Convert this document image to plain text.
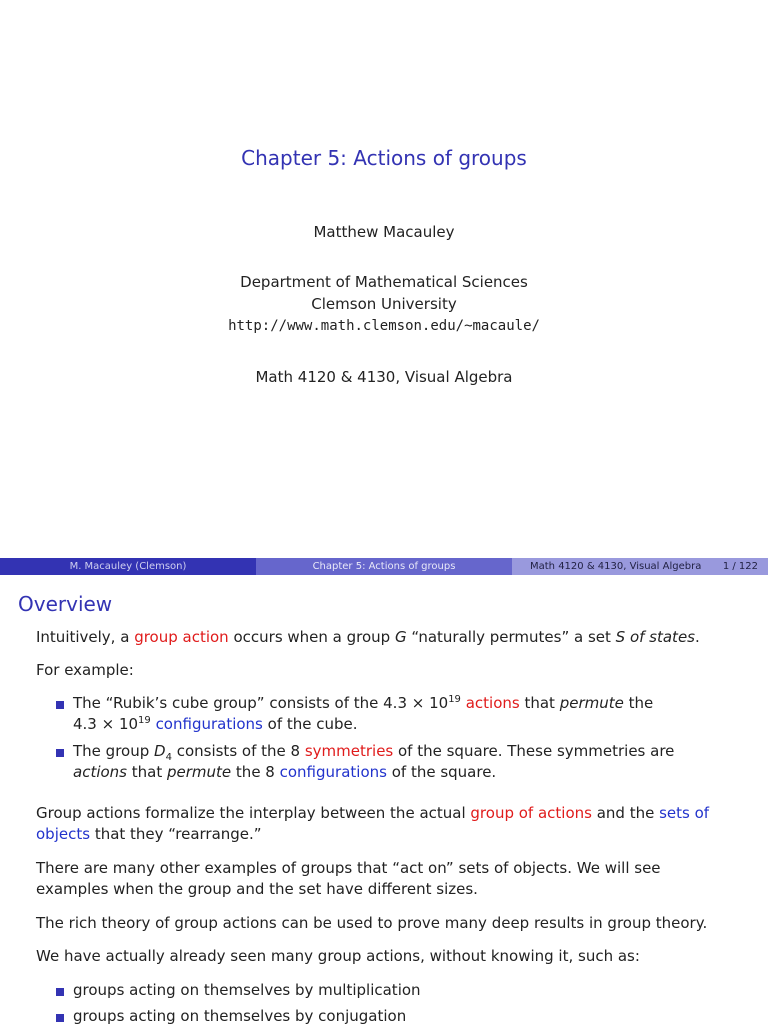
Chapter 5: Actions of groups
Matthew Macauley
Department of Mathematical Sciences
Clemson University
http://www.math.clemson.edu/~macaule/
Math 4120 & 4130, Visual Algebra
M. Macauley (Clemson)	Chapter 5: Actions of groups	Math 4120 & 4130, Visual Algebra 1 / 122
Overview
Intuitively, a group action occurs when a group G “naturally permutes” a set S of states.
For example:
The “Rubik’s cube group” consists of the $4.3 \times 10^{19}$ actions that permute the
$4.3 \times 10^{19}$ configurations of the cube.
The group $D_4$ consists of the 8 symmetries of the square. These symmetries are
actions that permute the 8 configurations of the square.
Group actions formalize the interplay between the actual group of actions and the sets of
objects that they “rearrange.”
There are many other examples of groups that “act on” sets of objects. We will see
examples when the group and the set have different sizes.
The rich theory of group actions can be used to prove many deep results in group theory.
We have actually already seen many group actions, without knowing it, such as:
groups acting on themselves by multiplication
groups acting on themselves by conjugation
